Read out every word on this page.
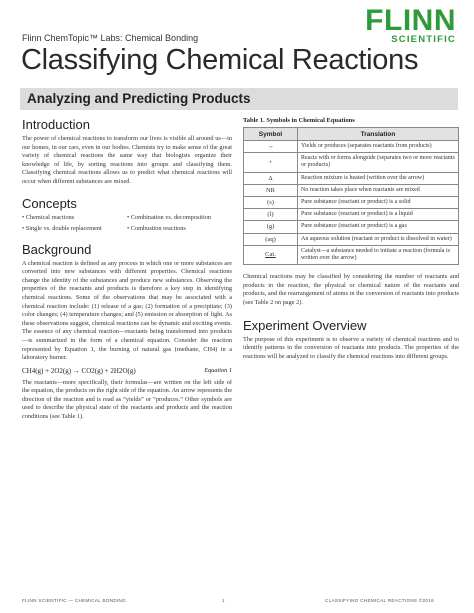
FLINN
SCIENTIFIC
Flinn ChemTopic™ Labs: Chemical Bonding
Classifying Chemical Reactions
Analyzing and Predicting Products
Introduction

The power of chemical reactions to transform our lives is visible all around us—in our homes, in our cars, even in our bodies. Chemists try to make sense of the great variety of chemical reactions the same way that biologists organize their knowledge of life, by sorting reactions into groups and classifying them. Classifying chemical reactions allows us to predict what chemical reactions will occur when different substances are mixed.

Concepts
• Chemical reactions	• Combination vs. decomposition
• Single vs. double replacement	• Combustion reactions
Background

A chemical reaction is defined as any process in which one or more substances are converted into new substances with different properties. Chemical reactions change the identity of the substances and produce new substances. Observing the properties of the reactants and products is therefore a key step in identifying chemical reactions. Some of the observations that may be associated with a chemical reaction include: (1) release of a gas; (2) formation of a precipitate; (3) color changes; (4) temperature changes; and (5) emission or absorption of light. As these observations suggest, chemical reactions can be dynamic and exciting events. The essence of any chemical reaction—reactants being transformed into products—is summarized in the form of a chemical equation. Consider the reaction represented by Equation 1, the burning of natural gas (methane, CH4) in a laboratory burner.

CH4(g) + 2O2(g) → CO2(g) + 2H2O(g)	Equation 1

The reactants—more specifically, their formulas—are written on the left side of the equation, the products on the right side of the equation. An arrow represents the direction of the reaction and is read as “yields” or “produces.” Other symbols are used to describe the physical state of the reactants and products and the reaction conditions (see Table 1).

Table 1. Symbols in Chemical Equations
Symbol	Translation
→	Yields or produces (separates reactants from products)
+	Reacts with or forms alongside (separates two or more reactants or products)
Δ	Reaction mixture is heated (written over the arrow)
NR	No reaction takes place when reactants are mixed
(s)	Pure substance (reactant or product) is a solid
(l)	Pure substance (reactant or product) is a liquid
(g)	Pure substance (reactant or product) is a gas
(aq)	An aqueous solution (reactant or product is dissolved in water)
Cat.	Catalyst—a substance needed to initiate a reaction (formula is written over the arrow)

Chemical reactions may be classified by considering the number of reactants and products in the reaction, the physical or chemical nature of the reactants and products, and the rearrangement of atoms in the conversion of reactants into products (see Table 2 on page 2).

Experiment Overview

The purpose of this experiment is to observe a variety of chemical reactions and to identify patterns in the conversion of reactants into products. The properties of the reactions will be analyzed to classify the chemical reactions into different groups.

FLINN SCIENTIFIC — CHEMICAL BONDING	1	CLASSIFYING CHEMICAL REACTIONS ©2016
